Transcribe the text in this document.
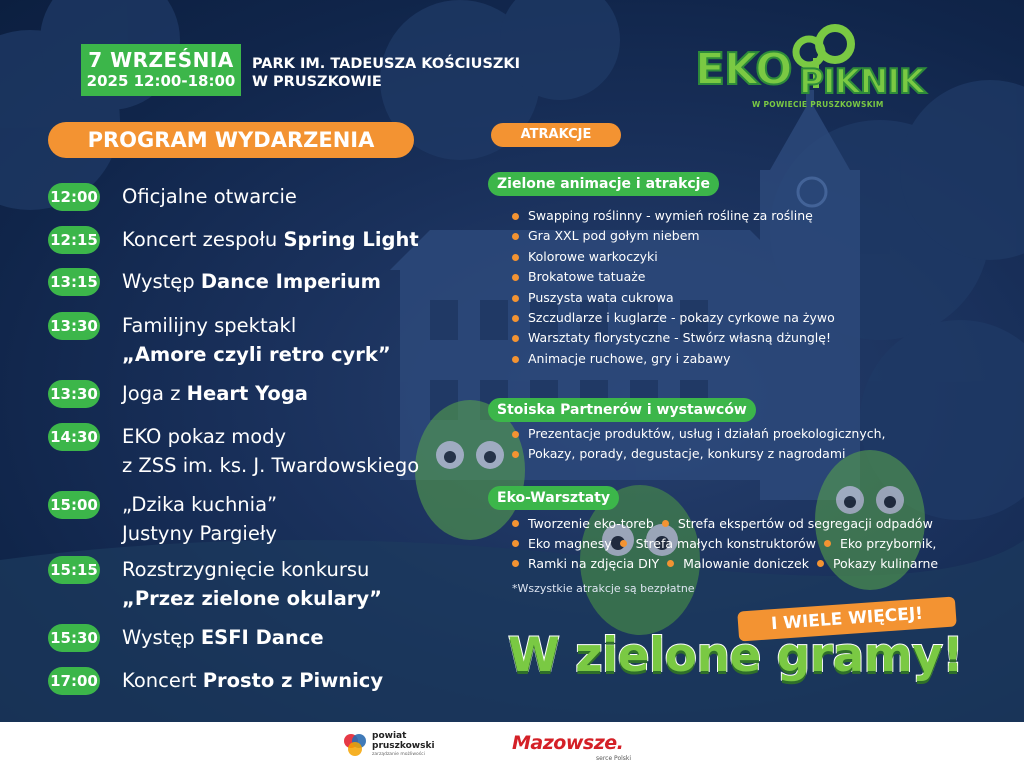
7 WRZEŚNIA
2025 12:00-18:00
PARK IM. TADEUSZA KOŚCIUSZKI
W PRUSZKOWIE	EKO PIKNIK
W POWIECIE PRUSZKOWSKIM
PROGRAM WYDARZENIA
12:00 Oficjalne otwarcie
12:15 Koncert zespołu Spring Light
13:15 Występ Dance Imperium
13:30 Familijny spektakl
„Amore czyli retro cyrk”
13:30 Joga z Heart Yoga
14:30 EKO pokaz mody
z ZSS im. ks. J. Twardowskiego
15:00 „Dzika kuchnia”
Justyny Pargieły
15:15 Rozstrzygnięcie konkursu
„Przez zielone okulary”
15:30 Występ ESFI Dance
17:00 Koncert Prosto z Piwnicy
ATRAKCJE
Zielone animacje i atrakcje
Swapping roślinny - wymień roślinę za roślinę
Gra XXL pod gołym niebem
Kolorowe warkoczyki
Brokatowe tatuaże
Puszysta wata cukrowa
Szczudlarze i kuglarze - pokazy cyrkowe na żywo
Warsztaty florystyczne - Stwórz własną dżunglę!
Animacje ruchowe, gry i zabawy
Stoiska Partnerów i wystawców
Prezentacje produktów, usług i działań proekologicznych,
Pokazy, porady, degustacje, konkursy z nagrodami
Eko-Warsztaty
Tworzenie eko-toreb Strefa ekspertów od segregacji odpadów
Eko magnesy Strefa małych konstruktorów Eko przybornik,
Ramki na zdjęcia DIY Malowanie doniczek Pokazy kulinarne
*Wszystkie atrakcje są bezpłatne
I WIELE WIĘCEJ!
W zielone gramy!
powiat
pruszkowski
zarządzanie możliwości
Mazowsze.
serce Polski
